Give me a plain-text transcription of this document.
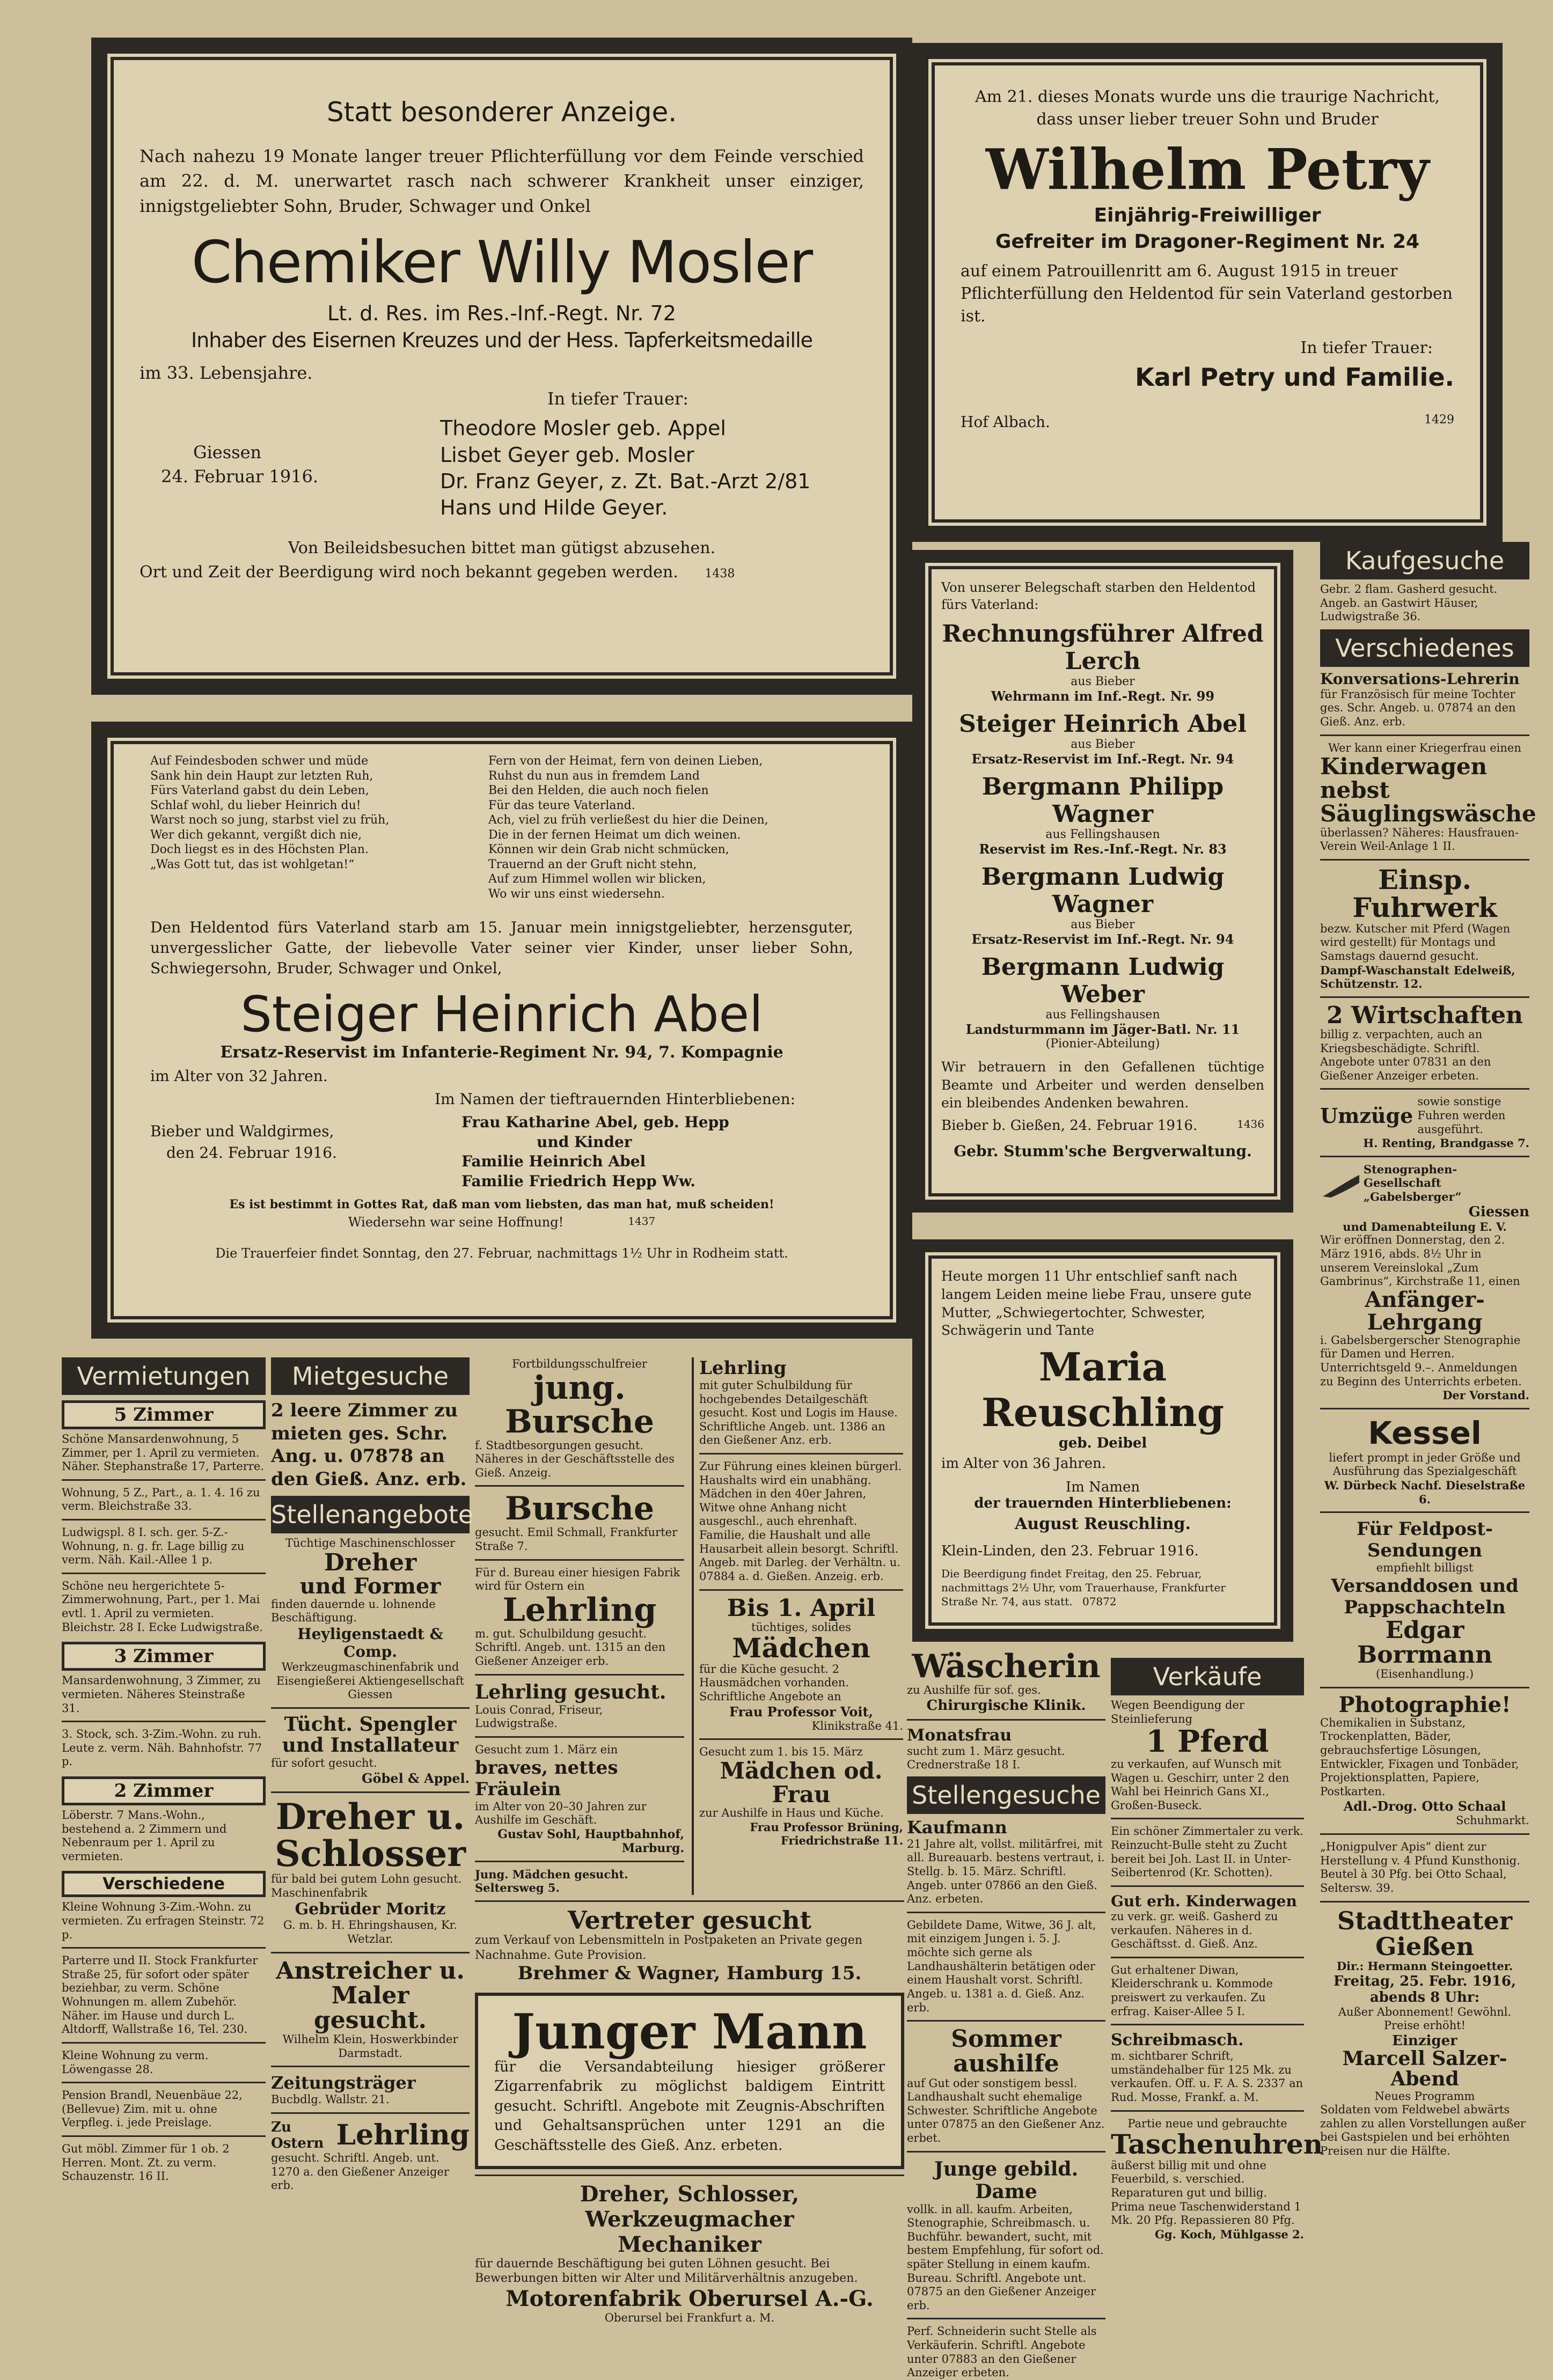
Statt besonderer Anzeige.

Nach nahezu 19 Monate langer treuer Pflichterfüllung vor dem Feinde verschied am 22. d. M. unerwartet rasch nach schwerer Krankheit unser einziger, innigstgeliebter Sohn, Bruder, Schwager und Onkel

Chemiker Willy Mosler
Lt. d. Res. im Res.-Inf.-Regt. Nr. 72
Inhaber des Eisernen Kreuzes und der Hess. Tapferkeitsmedaille

im 33. Lebensjahre.

In tiefer Trauer:
Theodore Mosler geb. Appel
Lisbet Geyer geb. Mosler
Dr. Franz Geyer, z. Zt. Bat.-Arzt 2/81
Hans und Hilde Geyer.
Giessen
24. Februar 1916.
Von Beileidsbesuchen bittet man gütigst abzusehen.
Ort und Zeit der Beerdigung wird noch bekannt gegeben werden. 1438

Am 21. dieses Monats wurde uns die traurige Nachricht, dass unser lieber treuer Sohn und Bruder

Wilhelm Petry
Einjährig-Freiwilliger
Gefreiter im Dragoner-Regiment Nr. 24

auf einem Patrouillenritt am 6. August 1915 in treuer Pflichterfüllung den Heldentod für sein Vaterland gestorben ist.

In tiefer Trauer:
Karl Petry und Familie.
Hof Albach.	1429
Auf Feindesboden schwer und müde
Sank hin dein Haupt zur letzten Ruh,
Fürs Vaterland gabst du dein Leben,
Schlaf wohl, du lieber Heinrich du!
Warst noch so jung, starbst viel zu früh,
Wer dich gekannt, vergißt dich nie,
Doch liegst es in des Höchsten Plan.
„Was Gott tut, das ist wohlgetan!“
Fern von der Heimat, fern von deinen Lieben,
Ruhst du nun aus in fremdem Land
Bei den Helden, die auch noch fielen
Für das teure Vaterland.
Ach, viel zu früh verließest du hier die Deinen,
Die in der fernen Heimat um dich weinen.
Können wir dein Grab nicht schmücken,
Trauernd an der Gruft nicht stehn,
Auf zum Himmel wollen wir blicken,
Wo wir uns einst wiedersehn.

Den Heldentod fürs Vaterland starb am 15. Januar mein innigstgeliebter, herzensguter, unvergesslicher Gatte, der liebevolle Vater seiner vier Kinder, unser lieber Sohn, Schwiegersohn, Bruder, Schwager und Onkel,

Steiger Heinrich Abel
Ersatz-Reservist im Infanterie-Regiment Nr. 94, 7. Kompagnie

im Alter von 32 Jahren.

Im Namen der tieftrauernden Hinterbliebenen:
Frau Katharine Abel, geb. Hepp
und Kinder
Familie Heinrich Abel
Familie Friedrich Hepp Ww.
Bieber und Waldgirmes,
den 24. Februar 1916.
Es ist bestimmt in Gottes Rat, daß man vom liebsten, das man hat, muß scheiden!
Wiedersehn war seine Hoffnung!	1437
Die Trauerfeier findet Sonntag, den 27. Februar, nachmittags 1½ Uhr in Rodheim statt.

Von unserer Belegschaft starben den Heldentod fürs Vaterland:

Rechnungsführer Alfred Lerch
aus Bieber
Wehrmann im Inf.-Regt. Nr. 99
Steiger Heinrich Abel
aus Bieber
Ersatz-Reservist im Inf.-Regt. Nr. 94
Bergmann Philipp Wagner
aus Fellingshausen
Reservist im Res.-Inf.-Regt. Nr. 83
Bergmann Ludwig Wagner
aus Bieber
Ersatz-Reservist im Inf.-Regt. Nr. 94
Bergmann Ludwig Weber
aus Fellingshausen
Landsturmmann im Jäger-Batl. Nr. 11
(Pionier-Abteilung)

Wir betrauern in den Gefallenen tüchtige Beamte und Arbeiter und werden denselben ein bleibendes Andenken bewahren.

Bieber b. Gießen, 24. Februar 1916.	1436
Gebr. Stumm'sche Bergverwaltung.

Heute morgen 11 Uhr entschlief sanft nach langem Leiden meine liebe Frau, unsere gute Mutter, „Schwiegertochter, Schwester, Schwägerin und Tante

Maria Reuschling
geb. Deibel

im Alter von 36 Jahren.

Im Namen
der trauernden Hinterbliebenen:
August Reuschling.
Klein-Linden, den 23. Februar 1916.

Die Beerdigung findet Freitag, den 25. Februar, nachmittags 2½ Uhr, vom Trauerhause, Frankfurter Straße Nr. 74, aus statt. 07872

Vermietungen
5 Zimmer

Schöne Mansardenwohnung, 5 Zimmer, per 1. April zu vermieten. Näher. Stephanstraße 17, Parterre.

Wohnung, 5 Z., Part., a. 1. 4. 16 zu verm. Bleichstraße 33.

Ludwigspl. 8 I. sch. ger. 5-Z.-Wohnung, n. g. fr. Lage billig zu verm. Näh. Kail.-Allee 1 p.

Schöne neu hergerichtete 5-Zimmerwohnung, Part., per 1. Mai evtl. 1. April zu vermieten. Bleichstr. 28 I. Ecke Ludwigstraße.

3 Zimmer

Mansardenwohnung, 3 Zimmer, zu vermieten. Näheres Steinstraße 31.

3. Stock, sch. 3-Zim.-Wohn. zu ruh. Leute z. verm. Näh. Bahnhofstr. 77 p.

2 Zimmer

Löberstr. 7 Mans.-Wohn., bestehend a. 2 Zimmern und Nebenraum per 1. April zu vermieten.

Verschiedene

Kleine Wohnung 3-Zim.-Wohn. zu vermieten. Zu erfragen Steinstr. 72 p.

Parterre und II. Stock Frankfurter Straße 25, für sofort oder später beziehbar, zu verm. Schöne Wohnungen m. allem Zubehör. Näher. im Hause und durch L. Altdorff, Wallstraße 16, Tel. 230.

Kleine Wohnung zu verm. Löwengasse 28.

Pension Brandl, Neuenbäue 22, (Bellevue) Zim. mit u. ohne Verpfleg. i. jede Preislage.

Gut möbl. Zimmer für 1 ob. 2 Herren. Mont. Zt. zu verm. Schauzenstr. 16 II.

Mietgesuche

2 leere Zimmer zu mieten ges. Schr. Ang. u. 07878 an den Gieß. Anz. erb.

Stellenangebote
Tüchtige Maschinenschlosser
Dreher
und Former

finden dauernde u. lohnende Beschäftigung.

Heyligenstaedt & Comp.

Werkzeugmaschinenfabrik und Eisengießerei Aktiengesellschaft Giessen

Tücht. Spengler und Installateur

für sofort gesucht.

Göbel & Appel.
Dreher u.
Schlosser

für bald bei gutem Lohn gesucht. Maschinenfabrik

Gebrüder Moritz

G. m. b. H. Ehringshausen, Kr. Wetzlar.

Anstreicher u.
Maler gesucht.

Wilhelm Klein, Hoswerkbinder Darmstadt.

Zeitungsträger

Bucbdlg. Wallstr. 21.

Zu Ostern Lehrling

gesucht. Schriftl. Angeb. unt. 1270 a. den Gießener Anzeiger erb.

Fortbildungsschulfreier
jung. Bursche

f. Stadtbesorgungen gesucht. Näheres in der Geschäftsstelle des Gieß. Anzeig.

Bursche

gesucht. Emil Schmall, Frankfurter Straße 7.

Für d. Bureau einer hiesigen Fabrik wird für Ostern ein

Lehrling

m. gut. Schulbildung gesucht. Schriftl. Angeb. unt. 1315 an den Gießener Anzeiger erb.

Lehrling gesucht.

Louis Conrad, Friseur, Ludwigstraße.

Gesucht zum 1. März ein

braves, nettes Fräulein

im Alter von 20–30 Jahren zur Aushilfe im Geschäft.

Gustav Sohl, Hauptbahnhof, Marburg.

Jung. Mädchen gesucht. Seltersweg 5.

Lehrling

mit guter Schulbildung für hochgebendes Detailgeschäft gesucht. Kost und Logis im Hause. Schriftliche Angeb. unt. 1386 an den Gießener Anz. erb.

Zur Führung eines kleinen bürgerl. Haushalts wird ein unabhäng. Mädchen in den 40er Jahren, Witwe ohne Anhang nicht ausgeschl., auch ehrenhaft. Familie, die Haushalt und alle Hausarbeit allein besorgt. Schriftl. Angeb. mit Darleg. der Verhältn. u. 07884 a. d. Gießen. Anzeig. erb.

Bis 1. April
tüchtiges, solides
Mädchen

für die Küche gesucht. 2 Hausmädchen vorhanden. Schriftliche Angebote an

Frau Professor Voit,
Klinikstraße 41.

Gesucht zum 1. bis 15. März

Mädchen od. Frau

zur Aushilfe in Haus und Küche.

Frau Professor Brüning, Friedrichstraße 11.
Vertreter gesucht

zum Verkauf von Lebensmitteln in Postpaketen an Private gegen Nachnahme. Gute Provision.

Brehmer & Wagner, Hamburg 15.
Junger Mann

für die Versandabteilung hiesiger größerer Zigarrenfabrik zu möglichst baldigem Eintritt gesucht. Schriftl. Angebote mit Zeugnis-Abschriften und Gehaltsansprüchen unter 1291 an die Geschäftsstelle des Gieß. Anz. erbeten.

Dreher, Schlosser, Werkzeugmacher
Mechaniker

für dauernde Beschäftigung bei guten Löhnen gesucht. Bei Bewerbungen bitten wir Alter und Militärverhältnis anzugeben.

Motorenfabrik Oberursel A.-G.
Oberursel bei Frankfurt a. M.
Wäscherin

zu Aushilfe für sof. ges.

Chirurgische Klinik.
Monatsfrau

sucht zum 1. März gesucht. Crednerstraße 18 I.

Stellengesuche
Kaufmann

21 Jahre alt, vollst. militärfrei, mit all. Bureauarb. bestens vertraut, i. Stellg. b. 15. März. Schriftl. Angeb. unter 07866 an den Gieß. Anz. erbeten.

Gebildete Dame, Witwe, 36 J. alt, mit einzigem Jungen i. 5. J. möchte sich gerne als Landhaushälterin betätigen oder einem Haushalt vorst. Schriftl. Angeb. u. 1381 a. d. Gieß. Anz. erb.

Sommer aushilfe

auf Gut oder sonstigem bessl. Landhaushalt sucht ehemalige Schwester. Schriftliche Angebote unter 07875 an den Gießener Anz. erbet.

Junge gebild. Dame

vollk. in all. kaufm. Arbeiten, Stenographie, Schreibmasch. u. Buchführ. bewandert, sucht, mit bestem Empfehlung, für sofort od. später Stellung in einem kaufm. Bureau. Schriftl. Angebote unt. 07875 an den Gießener Anzeiger erb.

Perf. Schneiderin sucht Stelle als Verkäuferin. Schriftl. Angebote unter 07883 an den Gießener Anzeiger erbeten.

Verkäufe

Wegen Beendigung der Steinlieferung

1 Pferd

zu verkaufen, auf Wunsch mit Wagen u. Geschirr, unter 2 den Wahl bei Heinrich Gans XI., Großen-Buseck.

Ein schöner Zimmertaler zu verk. Reinzucht-Bulle steht zu Zucht bereit bei Joh. Last II. in Unter-Seibertenrod (Kr. Schotten).

Gut erh. Kinderwagen

zu verk. gr. weiß. Gasherd zu verkaufen. Näheres in d. Geschäftsst. d. Gieß. Anz.

Gut erhaltener Diwan, Kleiderschrank u. Kommode preiswert zu verkaufen. Zu erfrag. Kaiser-Allee 5 I.

Schreibmasch.

m. sichtbarer Schrift, umständehalber für 125 Mk. zu verkaufen. Off. u. F. A. S. 2337 an Rud. Mosse, Frankf. a. M.

Partie neue und gebrauchte

Taschenuhren

äußerst billig mit und ohne Feuerbild, s. verschied. Reparaturen gut und billig. Prima neue Taschenwiderstand 1 Mk. 20 Pfg. Repassieren 80 Pfg.

Gg. Koch, Mühlgasse 2.
Kaufgesuche

Gebr. 2 flam. Gasherd gesucht. Angeb. an Gastwirt Häuser, Ludwigstraße 36.

Verschiedenes
Konversations-Lehrerin

für Französisch für meine Tochter ges. Schr. Angeb. u. 07874 an den Gieß. Anz. erb.

Wer kann einer Kriegerfrau einen

Kinderwagen nebst Säuglingswäsche

überlassen? Näheres: Hausfrauen-Verein Weil-Anlage 1 II.

Einsp. Fuhrwerk

bezw. Kutscher mit Pferd (Wagen wird gestellt) für Montags und Samstags dauernd gesucht.

Dampf-Waschanstalt Edelweiß, Schützenstr. 12.
2 Wirtschaften

billig z. verpachten, auch an Kriegsbeschädigte. Schriftl. Angebote unter 07831 an den Gießener Anzeiger erbeten.

Umzüge
sowie sonstige Fuhren werden ausgeführt.
H. Renting, Brandgasse 7.
Stenographen-Gesellschaft „Gabelsberger“
Giessen
und Damenabteilung E. V.

Wir eröffnen Donnerstag, den 2. März 1916, abds. 8½ Uhr in unserem Vereinslokal „Zum Gambrinus“, Kirchstraße 11, einen

Anfänger-Lehrgang

i. Gabelsbergerscher Stenographie für Damen und Herren. Unterrichtsgeld 9.–. Anmeldungen zu Beginn des Unterrichts erbeten.

Der Vorstand.
Kessel

liefert prompt in jeder Größe und Ausführung das Spezialgeschäft

W. Dürbeck Nachf. Dieselstraße 6.
Für Feldpost-Sendungen
empfiehlt billigst
Versanddosen und Pappschachteln
Edgar Borrmann
(Eisenhandlung.)
Photographie!

Chemikalien in Substanz, Trockenplatten, Bäder, gebrauchsfertige Lösungen, Entwickler, Fixagen und Tonbäder, Projektionsplatten, Papiere, Postkarten.

Adl.-Drog. Otto Schaal
Schuhmarkt.

„Honigpulver Apis“ dient zur Herstellung v. 4 Pfund Kunsthonig. Beutel à 30 Pfg. bei Otto Schaal, Seltersw. 39.

Stadttheater Gießen
Dir.: Hermann Steingoetter.
Freitag, 25. Febr. 1916, abends 8 Uhr:
Außer Abonnement! Gewöhnl. Preise erhöht!
Einziger
Marcell Salzer-Abend
Neues Programm

Soldaten vom Feldwebel abwärts zahlen zu allen Vorstellungen außer bei Gastspielen und bei erhöhten Preisen nur die Hälfte.
